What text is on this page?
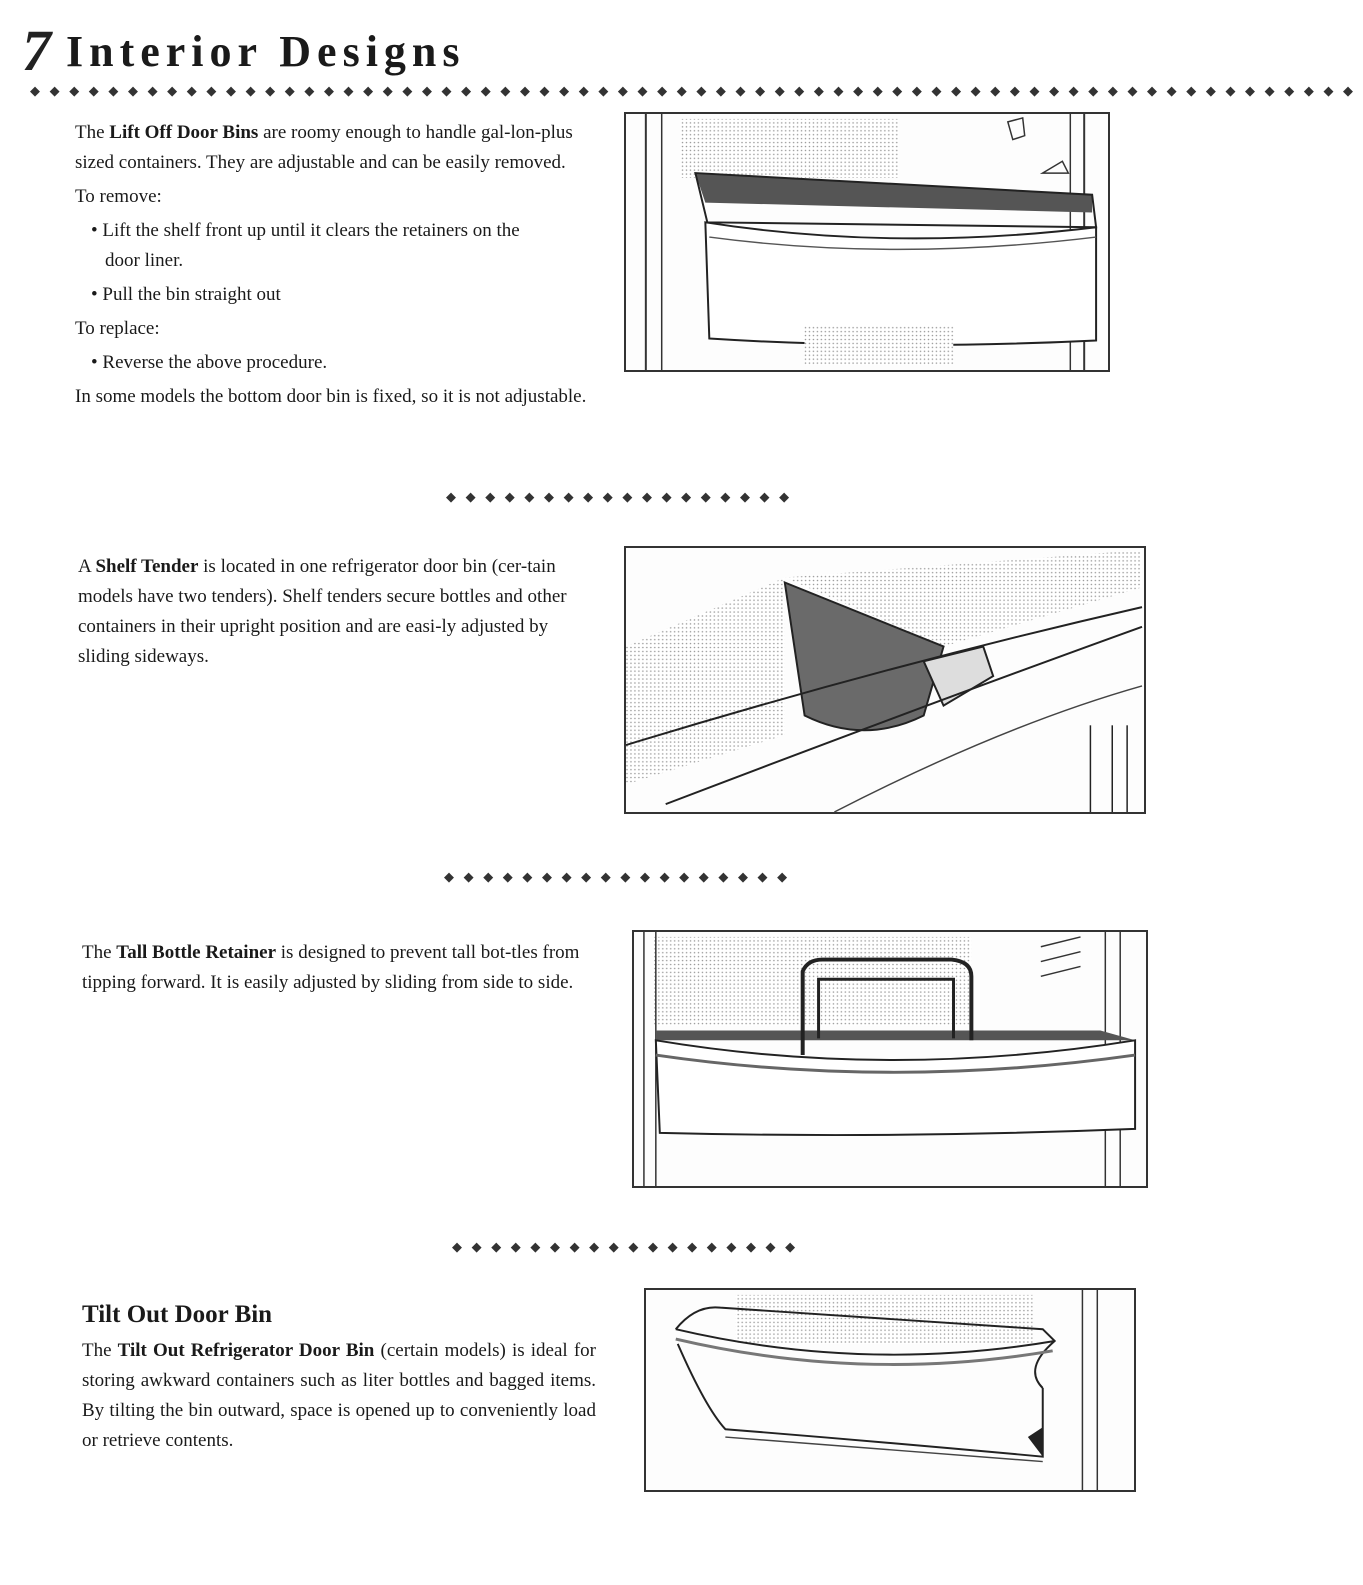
7 Interior Designs
◆◆◆◆◆◆◆◆◆◆◆◆◆◆◆◆◆◆◆◆◆◆◆◆◆◆◆◆◆◆◆◆◆◆◆◆◆◆◆◆◆◆◆◆◆◆◆◆◆◆◆◆◆◆◆◆◆◆◆◆◆◆◆◆◆◆◆◆

The Lift Off Door Bins are roomy enough to handle gal-lon-plus sized containers. They are adjustable and can be easily removed.

To remove:

• Lift the shelf front up until it clears the retainers on the

door liner.

• Pull the bin straight out

To replace:

• Reverse the above procedure.

In some models the bottom door bin is fixed, so it is not adjustable.

◆◆◆◆◆◆◆◆◆◆◆◆◆◆◆◆◆◆

A Shelf Tender is located in one refrigerator door bin (cer-tain models have two tenders). Shelf tenders secure bottles and other containers in their upright position and are easi-ly adjusted by sliding sideways.

◆◆◆◆◆◆◆◆◆◆◆◆◆◆◆◆◆◆

The Tall Bottle Retainer is designed to prevent tall bot-tles from tipping forward. It is easily adjusted by sliding from side to side.

◆◆◆◆◆◆◆◆◆◆◆◆◆◆◆◆◆◆

Tilt Out Door Bin

The Tilt Out Refrigerator Door Bin (certain models) is ideal for storing awkward containers such as liter bottles and bagged items. By tilting the bin outward, space is opened up to conveniently load or retrieve contents.
